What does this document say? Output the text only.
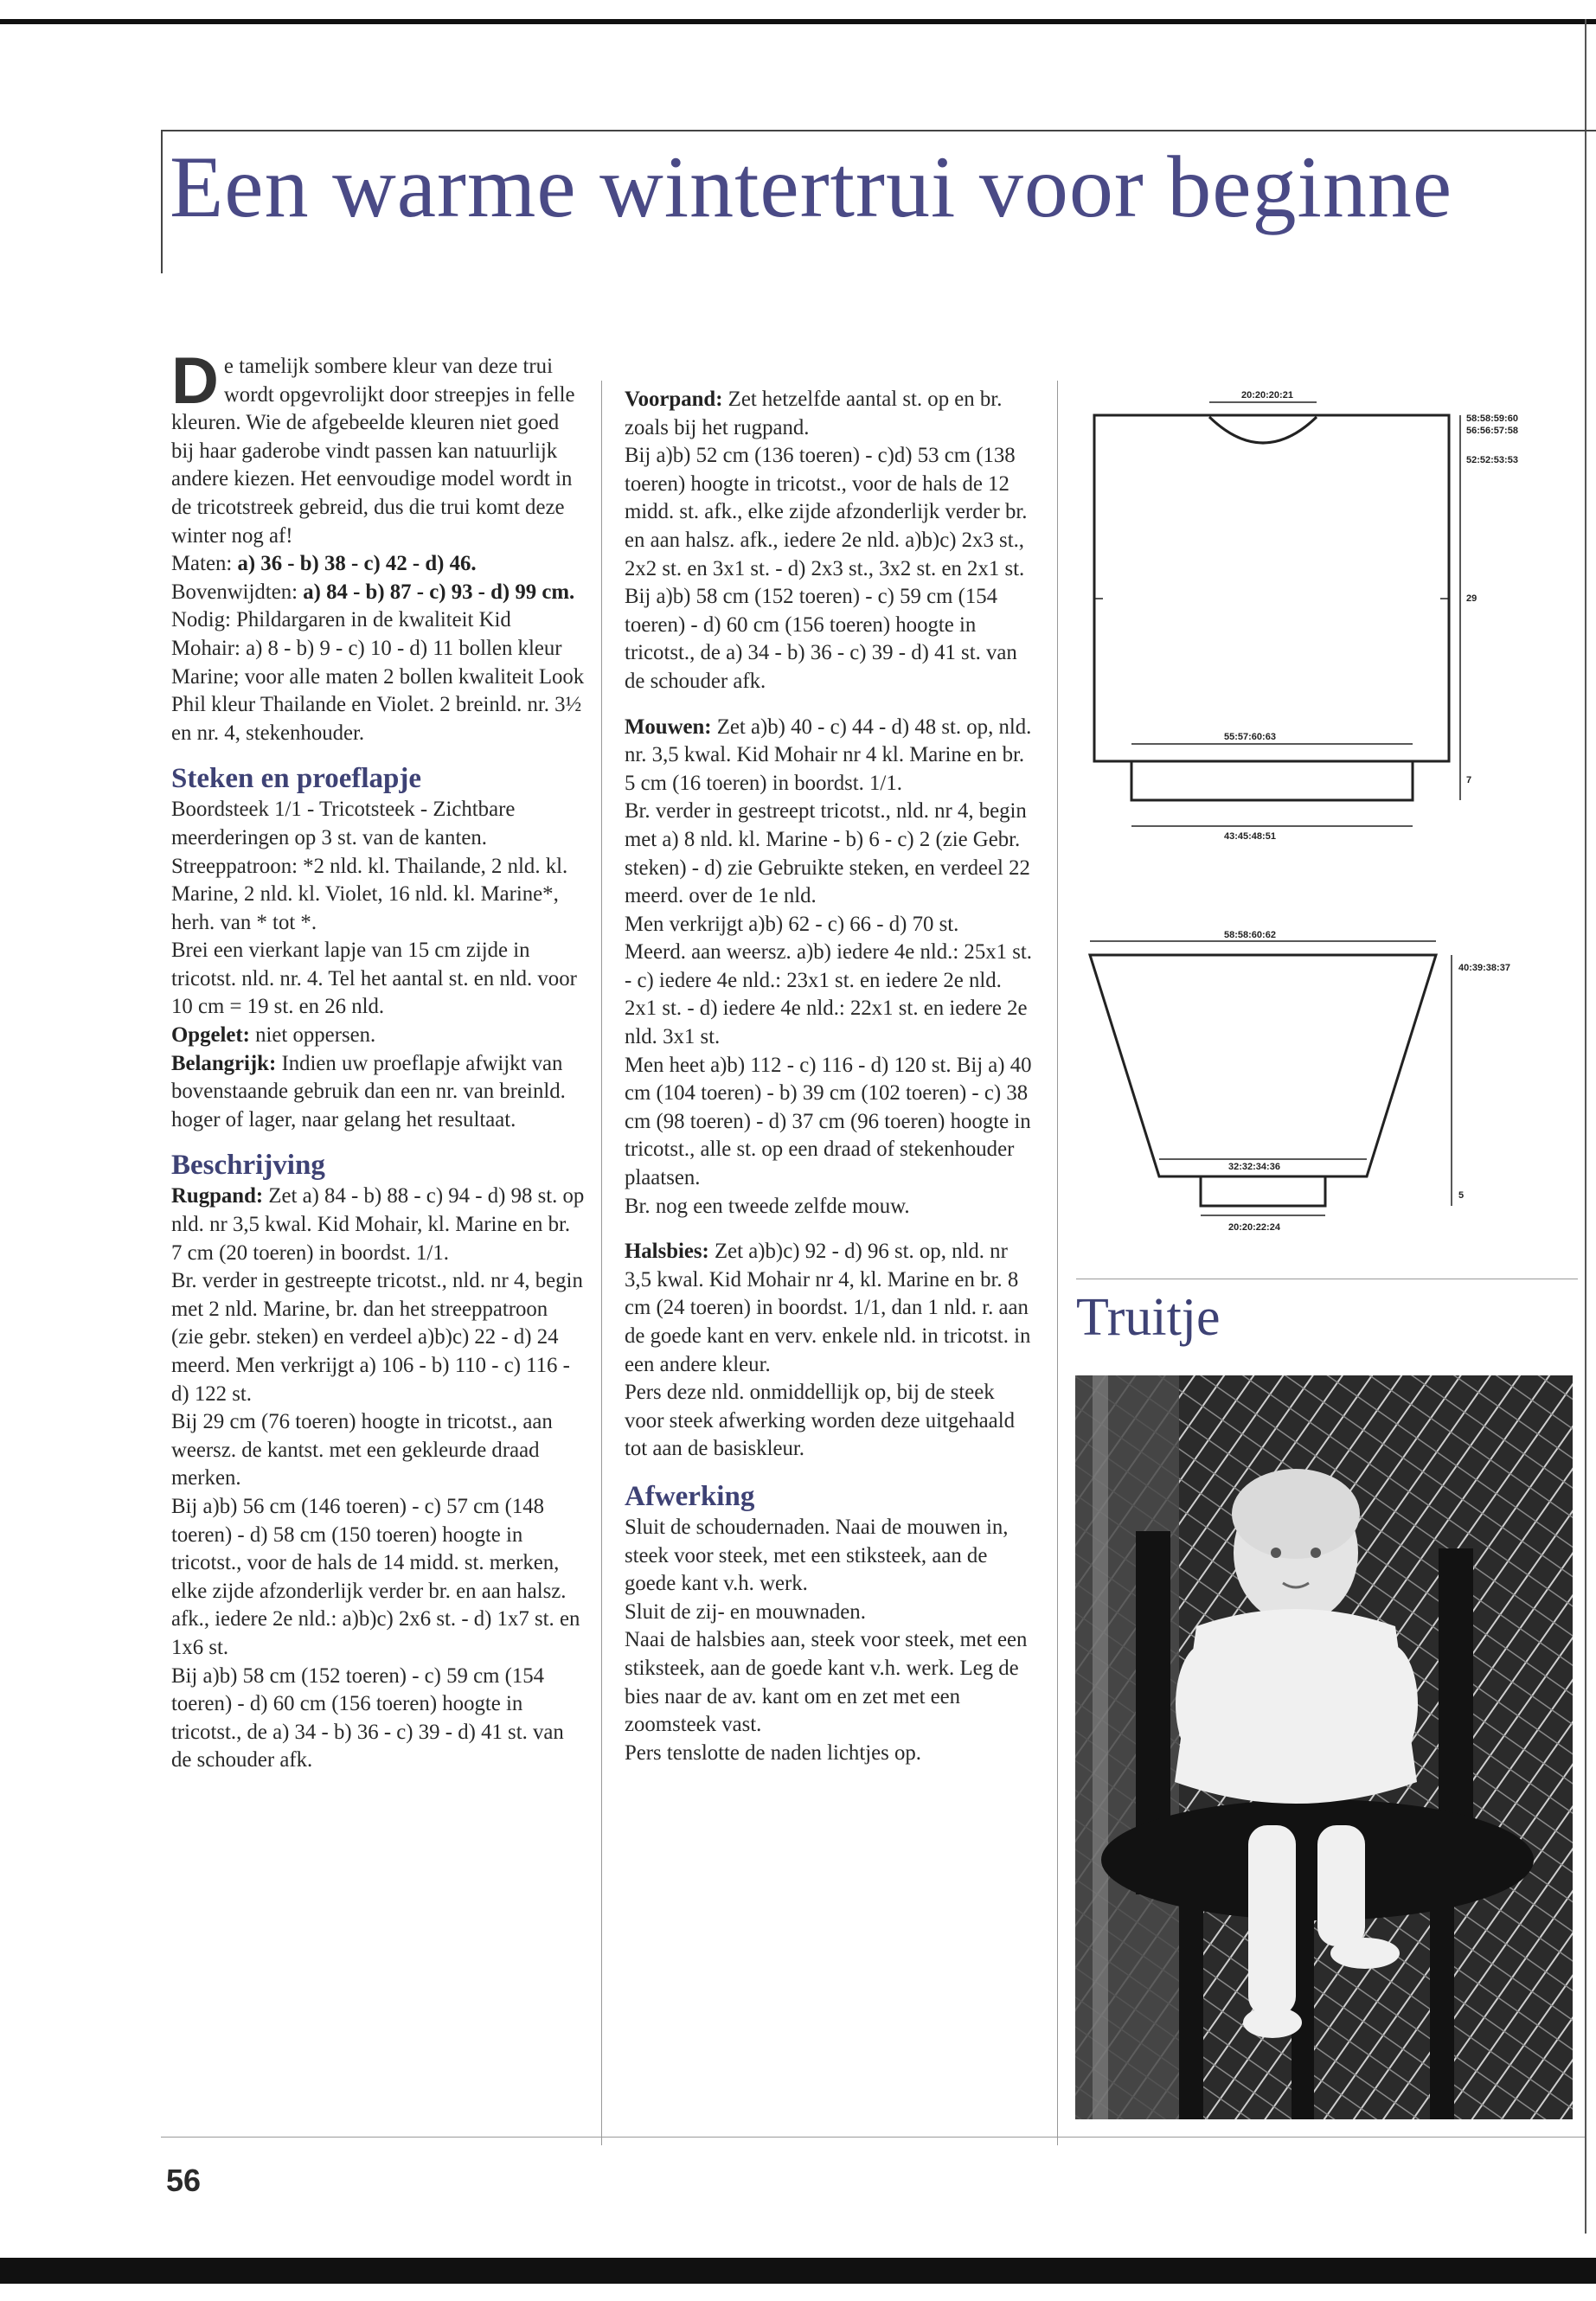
Een warme wintertrui voor beginne

De tamelijk sombere kleur van deze trui wordt opgevrolijkt door streepjes in felle kleuren. Wie de afgebeelde kleuren niet goed bij haar gaderobe vindt passen kan natuurlijk andere kiezen. Het eenvoudige model wordt in de tricotstreek gebreid, dus die trui komt deze winter nog af!

Maten: a) 36 - b) 38 - c) 42 - d) 46.

Bovenwijdten: a) 84 - b) 87 - c) 93 - d) 99 cm.

Nodig: Phildargaren in de kwaliteit Kid Mohair: a) 8 - b) 9 - c) 10 - d) 11 bollen kleur Marine; voor alle maten 2 bollen kwaliteit Look Phil kleur Thailande en Violet. 2 breinld. nr. 3½ en nr. 4, stekenhouder.

Steken en proeflapje

Boordsteek 1/1 - Tricotsteek - Zichtbare meerderingen op 3 st. van de kanten. Streeppatroon: *2 nld. kl. Thailande, 2 nld. kl. Marine, 2 nld. kl. Violet, 16 nld. kl. Marine*, herh. van * tot *.

Brei een vierkant lapje van 15 cm zijde in tricotst. nld. nr. 4. Tel het aantal st. en nld. voor 10 cm = 19 st. en 26 nld.

Opgelet: niet oppersen.

Belangrijk: Indien uw proeflapje afwijkt van bovenstaande gebruik dan een nr. van breinld. hoger of lager, naar gelang het resultaat.

Beschrijving

Rugpand: Zet a) 84 - b) 88 - c) 94 - d) 98 st. op nld. nr 3,5 kwal. Kid Mohair, kl. Marine en br. 7 cm (20 toeren) in boordst. 1/1.

Br. verder in gestreepte tricotst., nld. nr 4, begin met 2 nld. Marine, br. dan het streeppatroon (zie gebr. steken) en verdeel a)b)c) 22 - d) 24 meerd. Men verkrijgt a) 106 - b) 110 - c) 116 - d) 122 st.

Bij 29 cm (76 toeren) hoogte in tricotst., aan weersz. de kantst. met een gekleurde draad merken.

Bij a)b) 56 cm (146 toeren) - c) 57 cm (148 toeren) - d) 58 cm (150 toeren) hoogte in tricotst., voor de hals de 14 midd. st. merken, elke zijde afzonderlijk verder br. en aan halsz. afk., iedere 2e nld.: a)b)c) 2x6 st. - d) 1x7 st. en 1x6 st.

Bij a)b) 58 cm (152 toeren) - c) 59 cm (154 toeren) - d) 60 cm (156 toeren) hoogte in tricotst., de a) 34 - b) 36 - c) 39 - d) 41 st. van de schouder afk.

Voorpand: Zet hetzelfde aantal st. op en br. zoals bij het rugpand.

Bij a)b) 52 cm (136 toeren) - c)d) 53 cm (138 toeren) hoogte in tricotst., voor de hals de 12 midd. st. afk., elke zijde afzonderlijk verder br. en aan halsz. afk., iedere 2e nld. a)b)c) 2x3 st., 2x2 st. en 3x1 st. - d) 2x3 st., 3x2 st. en 2x1 st.

Bij a)b) 58 cm (152 toeren) - c) 59 cm (154 toeren) - d) 60 cm (156 toeren) hoogte in tricotst., de a) 34 - b) 36 - c) 39 - d) 41 st. van de schouder afk.

Mouwen: Zet a)b) 40 - c) 44 - d) 48 st. op, nld. nr. 3,5 kwal. Kid Mohair nr 4 kl. Marine en br. 5 cm (16 toeren) in boordst. 1/1.

Br. verder in gestreept tricotst., nld. nr 4, begin met a) 8 nld. kl. Marine - b) 6 - c) 2 (zie Gebr. steken) - d) zie Gebruikte steken, en verdeel 22 meerd. over de 1e nld.

Men verkrijgt a)b) 62 - c) 66 - d) 70 st.

Meerd. aan weersz. a)b) iedere 4e nld.: 25x1 st. - c) iedere 4e nld.: 23x1 st. en iedere 2e nld. 2x1 st. - d) iedere 4e nld.: 22x1 st. en iedere 2e nld. 3x1 st.

Men heet a)b) 112 - c) 116 - d) 120 st. Bij a) 40 cm (104 toeren) - b) 39 cm (102 toeren) - c) 38 cm (98 toeren) - d) 37 cm (96 toeren) hoogte in tricotst., alle st. op een draad of stekenhouder plaatsen.

Br. nog een tweede zelfde mouw.

Halsbies: Zet a)b)c) 92 - d) 96 st. op, nld. nr 3,5 kwal. Kid Mohair nr 4, kl. Marine en br. 8 cm (24 toeren) in boordst. 1/1, dan 1 nld. r. aan de goede kant en verv. enkele nld. in tricotst. in een andere kleur.

Pers deze nld. onmiddellijk op, bij de steek voor steek afwerking worden deze uitgehaald tot aan de basiskleur.

Afwerking

Sluit de schoudernaden. Naai de mouwen in, steek voor steek, met een stiksteek, aan de goede kant v.h. werk.

Sluit de zij- en mouwnaden.

Naai de halsbies aan, steek voor steek, met een stiksteek, aan de goede kant v.h. werk. Leg de bies naar de av. kant om en zet met een zoomsteek vast.

Pers tenslotte de naden lichtjes op.

20:20:20:21
58:58:59:60
56:56:57:58
52:52:53:53
29
55:57:60:63
43:45:48:51
7
58:58:60:62
40:39:38:37
32:32:34:36
5
20:20:22:24
Truitje
56
